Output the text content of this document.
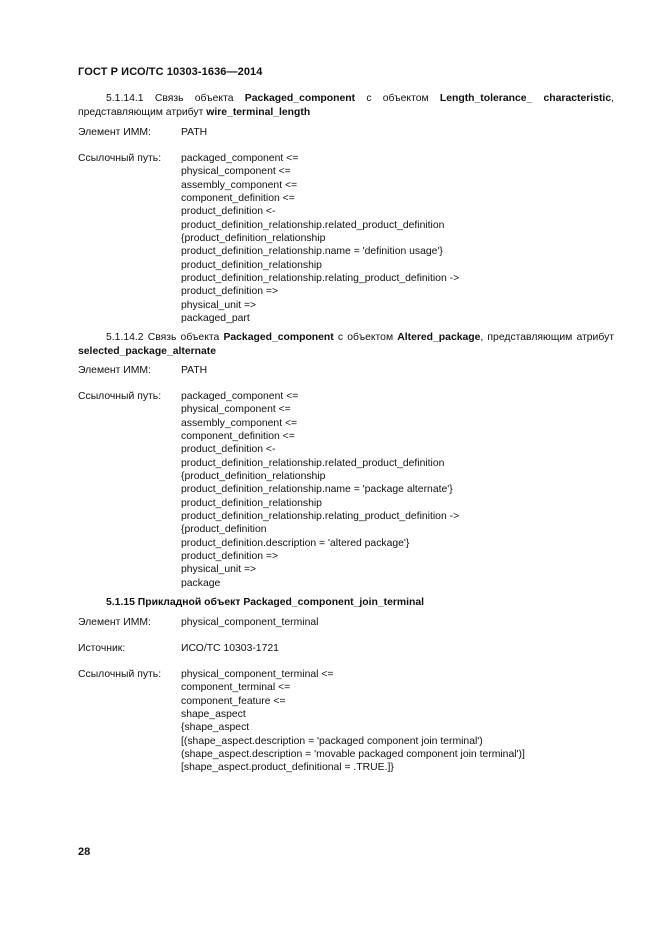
ГОСТ Р ИСО/ТС 10303-1636—2014
5.1.14.1 Связь объекта Packaged_component с объектом Length_tolerance_ characteristic, представляющим атрибут wire_terminal_length
Элемент ИММ:	PATH
Ссылочный путь: packaged_component <=
physical_component <=
assembly_component <=
component_definition <=
product_definition <-
product_definition_relationship.related_product_definition
{product_definition_relationship
product_definition_relationship.name = 'definition usage'}
product_definition_relationship
product_definition_relationship.relating_product_definition ->
product_definition =>
physical_unit =>
packaged_part
5.1.14.2 Связь объекта Packaged_component с объектом Altered_package, представляющим атрибут selected_package_alternate
Элемент ИММ:	PATH
Ссылочный путь: packaged_component <=
physical_component <=
assembly_component <=
component_definition <=
product_definition <-
product_definition_relationship.related_product_definition
{product_definition_relationship
product_definition_relationship.name = 'package alternate'}
product_definition_relationship
product_definition_relationship.relating_product_definition ->
{product_definition
product_definition.description = 'altered package'}
product_definition =>
physical_unit =>
package
5.1.15 Прикладной объект Packaged_component_join_terminal
Элемент ИММ:	physical_component_terminal
Источник:	ИСО/ТС 10303-1721
Ссылочный путь: physical_component_terminal <=
component_terminal <=
component_feature <=
shape_aspect
{shape_aspect
[(shape_aspect.description = 'packaged component join terminal')
(shape_aspect.description = 'movable packaged component join terminal')]
[shape_aspect.product_definitional = .TRUE.]}
28
